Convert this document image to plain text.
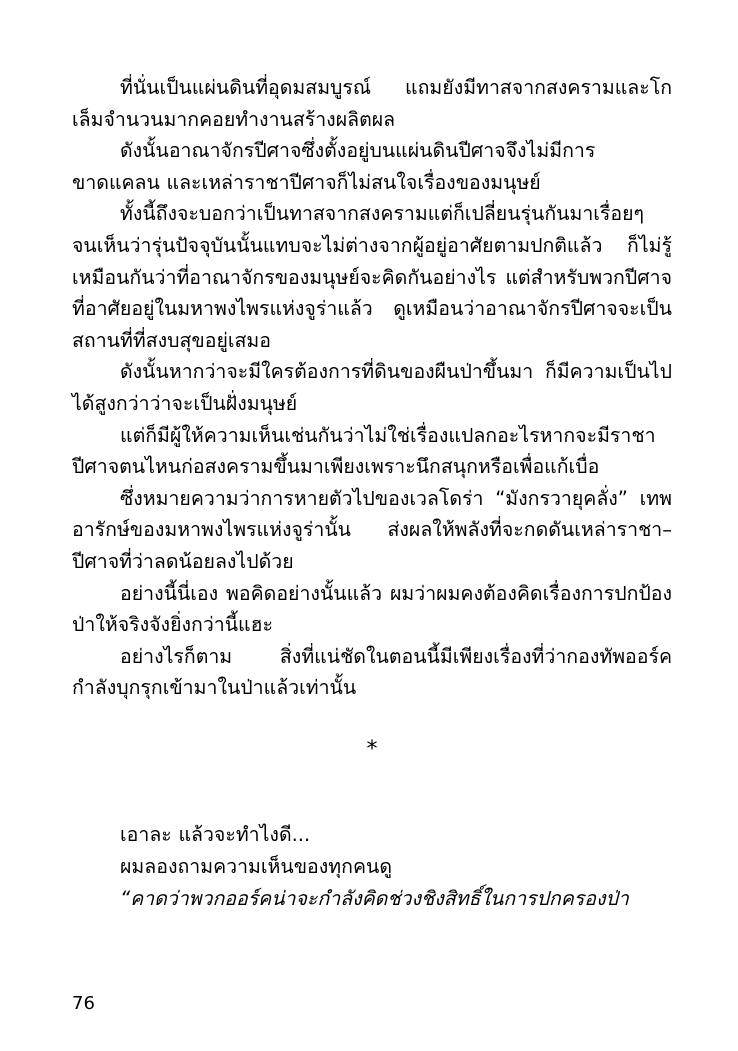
ที่นั่นเป็นแผ่นดินที่อุดมสมบูรณ์ แถมยังมีทาสจากสงครามและโกเล็มจำนวนมากคอยทำงานสร้างผลิตผล

ดังนั้นอาณาจักรปีศาจซึ่งตั้งอยู่บนแผ่นดินปีศาจจึงไม่มีการขาดแคลน และเหล่าราชาปีศาจก็ไม่สนใจเรื่องของมนุษย์

ทั้งนี้ถึงจะบอกว่าเป็นทาสจากสงครามแต่ก็เปลี่ยนรุ่นกันมาเรื่อยๆ จนเห็นว่ารุ่นปัจจุบันนั้นแทบจะไม่ต่างจากผู้อยู่อาศัยตามปกติแล้ว ก็ไม่รู้เหมือนกันว่าที่อาณาจักรของมนุษย์จะคิดกันอย่างไร แต่สำหรับพวกปีศาจที่อาศัยอยู่ในมหาพงไพรแห่งจูร่าแล้ว ดูเหมือนว่าอาณาจักรปีศาจจะเป็นสถานที่ที่สงบสุขอยู่เสมอ

ดังนั้นหากว่าจะมีใครต้องการที่ดินของผืนป่าขึ้นมา ก็มีความเป็นไปได้สูงกว่าว่าจะเป็นฝั่งมนุษย์

แต่ก็มีผู้ให้ความเห็นเช่นกันว่าไม่ใช่เรื่องแปลกอะไรหากจะมีราชาปีศาจตนไหนก่อสงครามขึ้นมาเพียงเพราะนึกสนุกหรือเพื่อแก้เบื่อ

ซึ่งหมายความว่าการหายตัวไปของเวลโดร่า “มังกรวายุคลั่ง” เทพอารักษ์ของมหาพงไพรแห่งจูร่านั้น ส่งผลให้พลังที่จะกดดันเหล่าราชา–ปีศาจที่ว่าลดน้อยลงไปด้วย

อย่างนี้นี่เอง พอคิดอย่างนั้นแล้ว ผมว่าผมคงต้องคิดเรื่องการปกป้องป่าให้จริงจังยิ่งกว่านี้แฮะ

อย่างไรก็ตาม สิ่งที่แน่ชัดในตอนนี้มีเพียงเรื่องที่ว่ากองทัพออร์คกำลังบุกรุกเข้ามาในป่าแล้วเท่านั้น

*

เอาละ แล้วจะทำไงดี...

ผมลองถามความเห็นของทุกคนดู

“คาดว่าพวกออร์คน่าจะกำลังคิดช่วงชิงสิทธิ์ในการปกครองป่า

76
